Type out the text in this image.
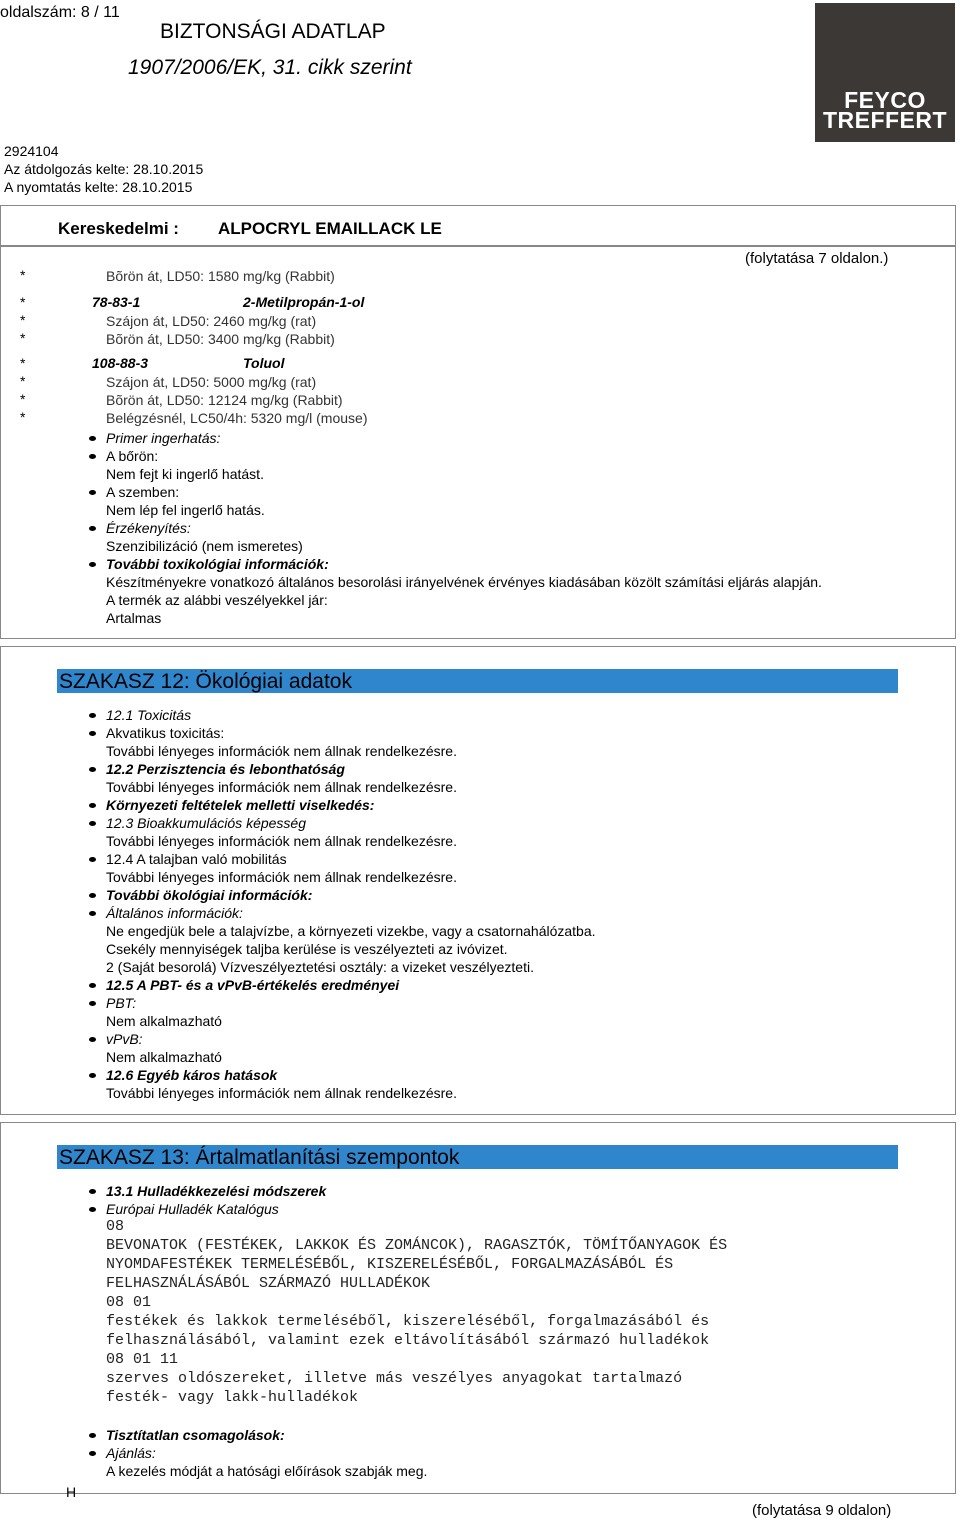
oldalszám: 8 / 11
BIZTONSÁGI ADATLAP
1907/2006/EK, 31. cikk szerint
2924104
Az átdolgozás kelte: 28.10.2015
A nyomtatás kelte: 28.10.2015
FEYCO
TREFFERT
Kereskedelmi : ALPOCRYL EMAILLACK LE
(folytatása 7 oldalon.)
*	Bõrön át, LD50: 1580 mg/kg (Rabbit)
*	78-83-1	2-Metilpropán-1-ol
*	Szájon át, LD50: 2460 mg/kg (rat)
*	Bõrön át, LD50: 3400 mg/kg (Rabbit)
*	108-88-3	Toluol
*	Szájon át, LD50: 5000 mg/kg (rat)
*	Bõrön át, LD50: 12124 mg/kg (Rabbit)
*	Belégzésnél, LC50/4h: 5320 mg/l (mouse)
Primer ingerhatás:
A bőrön:
Nem fejt ki ingerlő hatást.
A szemben:
Nem lép fel ingerlő hatás.
Érzékenyítés:
Szenzibilizáció (nem ismeretes)
További toxikológiai információk:
Készítményekre vonatkozó általános besorolási irányelvének érvényes kiadásában közölt számítási eljárás alapján.
A termék az alábbi veszélyekkel jár:
Artalmas
SZAKASZ 12: Ökológiai adatok
12.1 Toxicitás
Akvatikus toxicitás:
További lényeges információk nem állnak rendelkezésre.
12.2 Perzisztencia és lebonthatóság
További lényeges információk nem állnak rendelkezésre.
Környezeti feltételek melletti viselkedés:
12.3 Bioakkumulációs képesség
További lényeges információk nem állnak rendelkezésre.
12.4 A talajban való mobilitás
További lényeges információk nem állnak rendelkezésre.
További ökológiai információk:
Általános információk:
Ne engedjük bele a talajvízbe, a környezeti vizekbe, vagy a csatornahálózatba.
Csekély mennyiségek taljba kerülése is veszélyezteti az ivóvizet.
2 (Saját besorolá) Vízveszélyeztetési osztály: a vizeket veszélyezteti.
12.5 A PBT- és a vPvB-értékelés eredményei
PBT:
Nem alkalmazható
vPvB:
Nem alkalmazható
12.6 Egyéb káros hatások
További lényeges információk nem állnak rendelkezésre.
SZAKASZ 13: Ártalmatlanítási szempontok
13.1 Hulladékkezelési módszerek
Európai Hulladék Katalógus
08
BEVONATOK (FESTÉKEK, LAKKOK ÉS ZOMÁNCOK), RAGASZTÓK, TÖMÍTŐANYAGOK ÉS
NYOMDAFESTÉKEK TERMELÉSÉBŐL, KISZERELÉSÉBŐL, FORGALMAZÁSÁBÓL ÉS
FELHASZNÁLÁSÁBÓL SZÁRMAZÓ HULLADÉKOK
08 01
festékek és lakkok termeléséből, kiszereléséből, forgalmazásából és
felhasználásából, valamint ezek eltávolításából származó hulladékok
08 01 11
szerves oldószereket, illetve más veszélyes anyagokat tartalmazó
festék- vagy lakk-hulladékok
Tisztítatlan csomagolások:
Ajánlás:
A kezelés módját a hatósági előírások szabják meg.
H
(folytatása 9 oldalon)
